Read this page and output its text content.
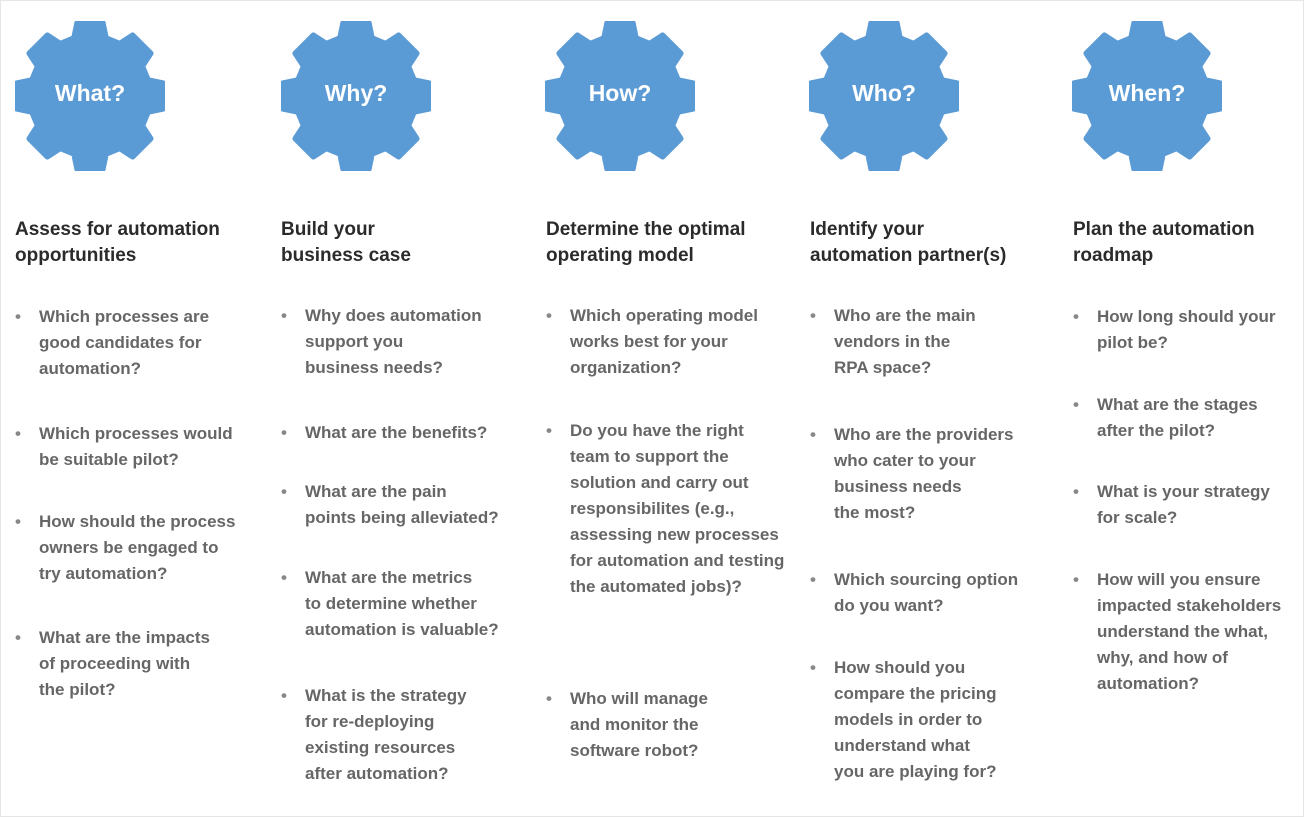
What?
Assess for automation
opportunities
• Which processes are
good candidates for
automation?
• Which processes would
be suitable pilot?
• How should the process
owners be engaged to
try automation?
• What are the impacts
of proceeding with
the pilot?
Why?
Build your
business case
• Why does automation
support you
business needs?
• What are the benefits?
• What are the pain
points being alleviated?
• What are the metrics
to determine whether
automation is valuable?
• What is the strategy
for re-deploying
existing resources
after automation?
How?
Determine the optimal
operating model
• Which operating model
works best for your
organization?
• Do you have the right
team to support the
solution and carry out
responsibilites (e.g.,
assessing new processes
for automation and testing
the automated jobs)?
• Who will manage
and monitor the
software robot?
Who?
Identify your
automation partner(s)
• Who are the main
vendors in the
RPA space?
• Who are the providers
who cater to your
business needs
the most?
• Which sourcing option
do you want?
• How should you
compare the pricing
models in order to
understand what
you are playing for?
When?
Plan the automation
roadmap
• How long should your
pilot be?
• What are the stages
after the pilot?
• What is your strategy
for scale?
• How will you ensure
impacted stakeholders
understand the what,
why, and how of
automation?
